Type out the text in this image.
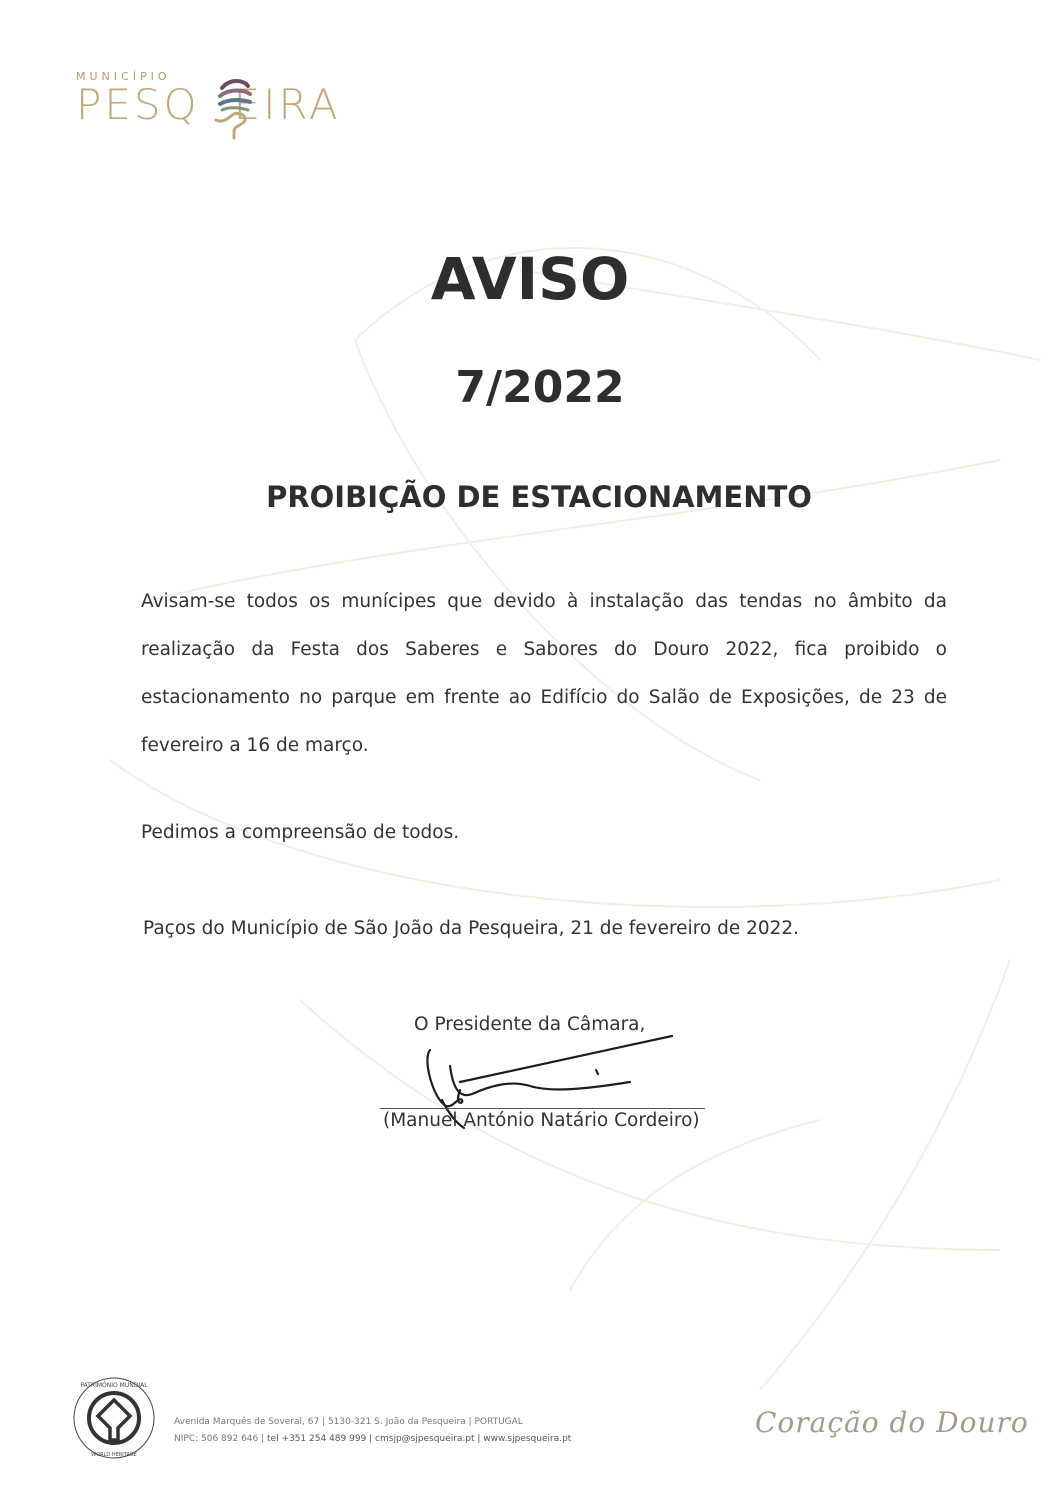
MUNICÍPIO
PESQ EIRA
AVISO
7/2022
PROIBIÇÃO DE ESTACIONAMENTO
Avisam-se todos os munícipes que devido à instalação das tendas no âmbito da
realização da Festa dos Saberes e Sabores do Douro 2022, fica proibido o
estacionamento no parque em frente ao Edifício do Salão de Exposições, de 23 de
fevereiro a 16 de março.
Pedimos a compreensão de todos.
Paços do Município de São João da Pesqueira, 21 de fevereiro de 2022.
O Presidente da Câmara,
(Manuel António Natário Cordeiro)
PATRIMÓNIO MUNDIAL
WORLD HERITAGE
Avenida Marquês de Soveral, 67 | 5130-321 S. João da Pesqueira | PORTUGAL
NIPC: 506 892 646 | tel +351 254 489 999 | cmsjp@sjpesqueira.pt | www.sjpesqueira.pt	Coração do Douro
